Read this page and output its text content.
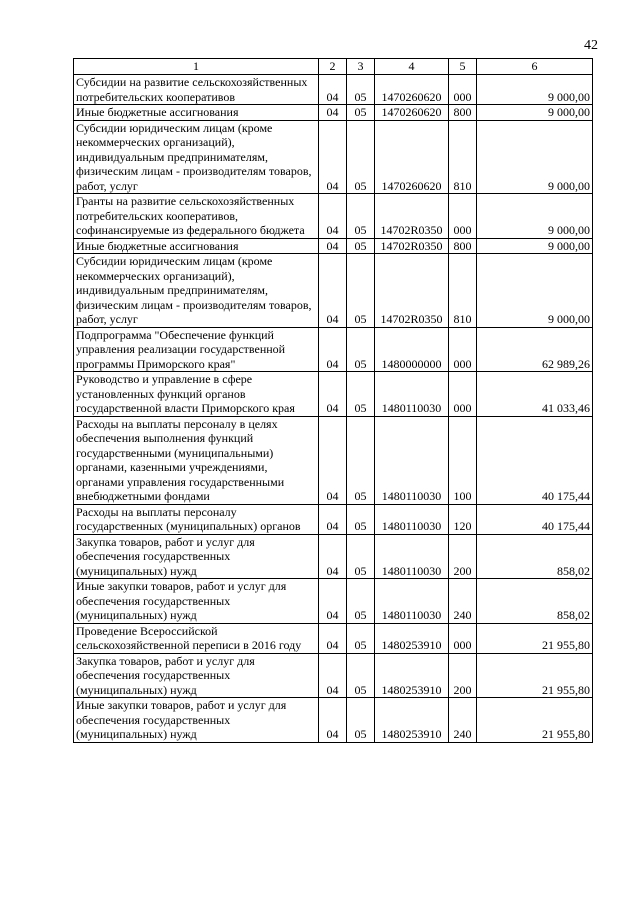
42
1	2	3	4	5	6
Субсидии на развитие сельскохозяйственных потребительских кооперативов	04	05	1470260620	000	9 000,00
Иные бюджетные ассигнования	04	05	1470260620	800	9 000,00
Субсидии юридическим лицам (кроме некоммерческих организаций), индивидуальным предпринимателям, физическим лицам - производителям товаров, работ, услуг	04	05	1470260620	810	9 000,00
Гранты на развитие сельскохозяйственных потребительских кооперативов, софинансируемые из федерального бюджета	04	05	14702R0350	000	9 000,00
Иные бюджетные ассигнования	04	05	14702R0350	800	9 000,00
Субсидии юридическим лицам (кроме некоммерческих организаций), индивидуальным предпринимателям, физическим лицам - производителям товаров, работ, услуг	04	05	14702R0350	810	9 000,00
Подпрограмма "Обеспечение функций управления реализации государственной программы Приморского края"	04	05	1480000000	000	62 989,26
Руководство и управление в сфере установленных функций органов государственной власти Приморского края	04	05	1480110030	000	41 033,46
Расходы на выплаты персоналу в целях обеспечения выполнения функций государственными (муниципальными) органами, казенными учреждениями, органами управления государственными внебюджетными фондами	04	05	1480110030	100	40 175,44
Расходы на выплаты персоналу государственных (муниципальных) органов	04	05	1480110030	120	40 175,44
Закупка товаров, работ и услуг для обеспечения государственных (муниципальных) нужд	04	05	1480110030	200	858,02
Иные закупки товаров, работ и услуг для обеспечения государственных (муниципальных) нужд	04	05	1480110030	240	858,02
Проведение Всероссийской сельскохозяйственной переписи в 2016 году	04	05	1480253910	000	21 955,80
Закупка товаров, работ и услуг для обеспечения государственных (муниципальных) нужд	04	05	1480253910	200	21 955,80
Иные закупки товаров, работ и услуг для обеспечения государственных (муниципальных) нужд	04	05	1480253910	240	21 955,80
